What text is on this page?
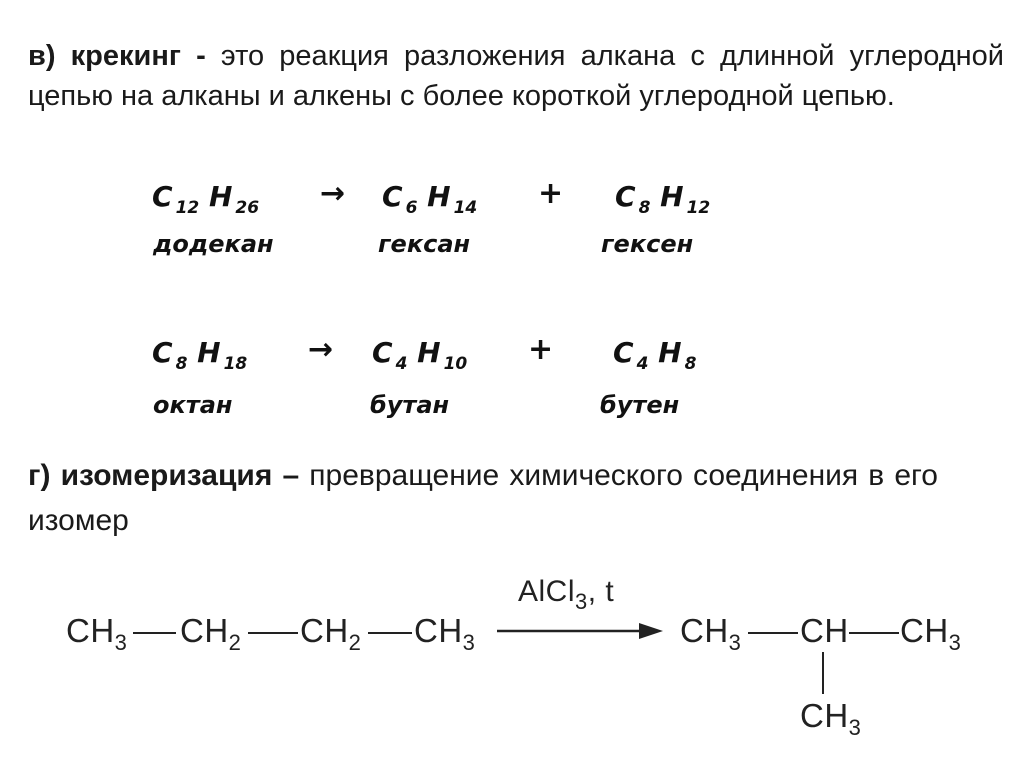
в) крекинг - это реакция разложения алкана с длинной углеродной цепью на алканы и алкены с более короткой углеродной цепью.
C $_{12}$ H $_{26}$ → C $_6$ H $_{14}$ + C $_8$ H $_{12}$
додекан	гексан	гексен
C $_8$ H $_{18}$ → C $_4$ H $_{10}$ + C $_4$ H $_8$
октан	бутан	бутен
г) изомеризация – превращение химического соединения в его изомер
$CH_3$ $CH_2$ $CH_2$ $CH_3$
AlCl$_3$, t
$CH_3$ CH $CH_3$
$CH_3$
